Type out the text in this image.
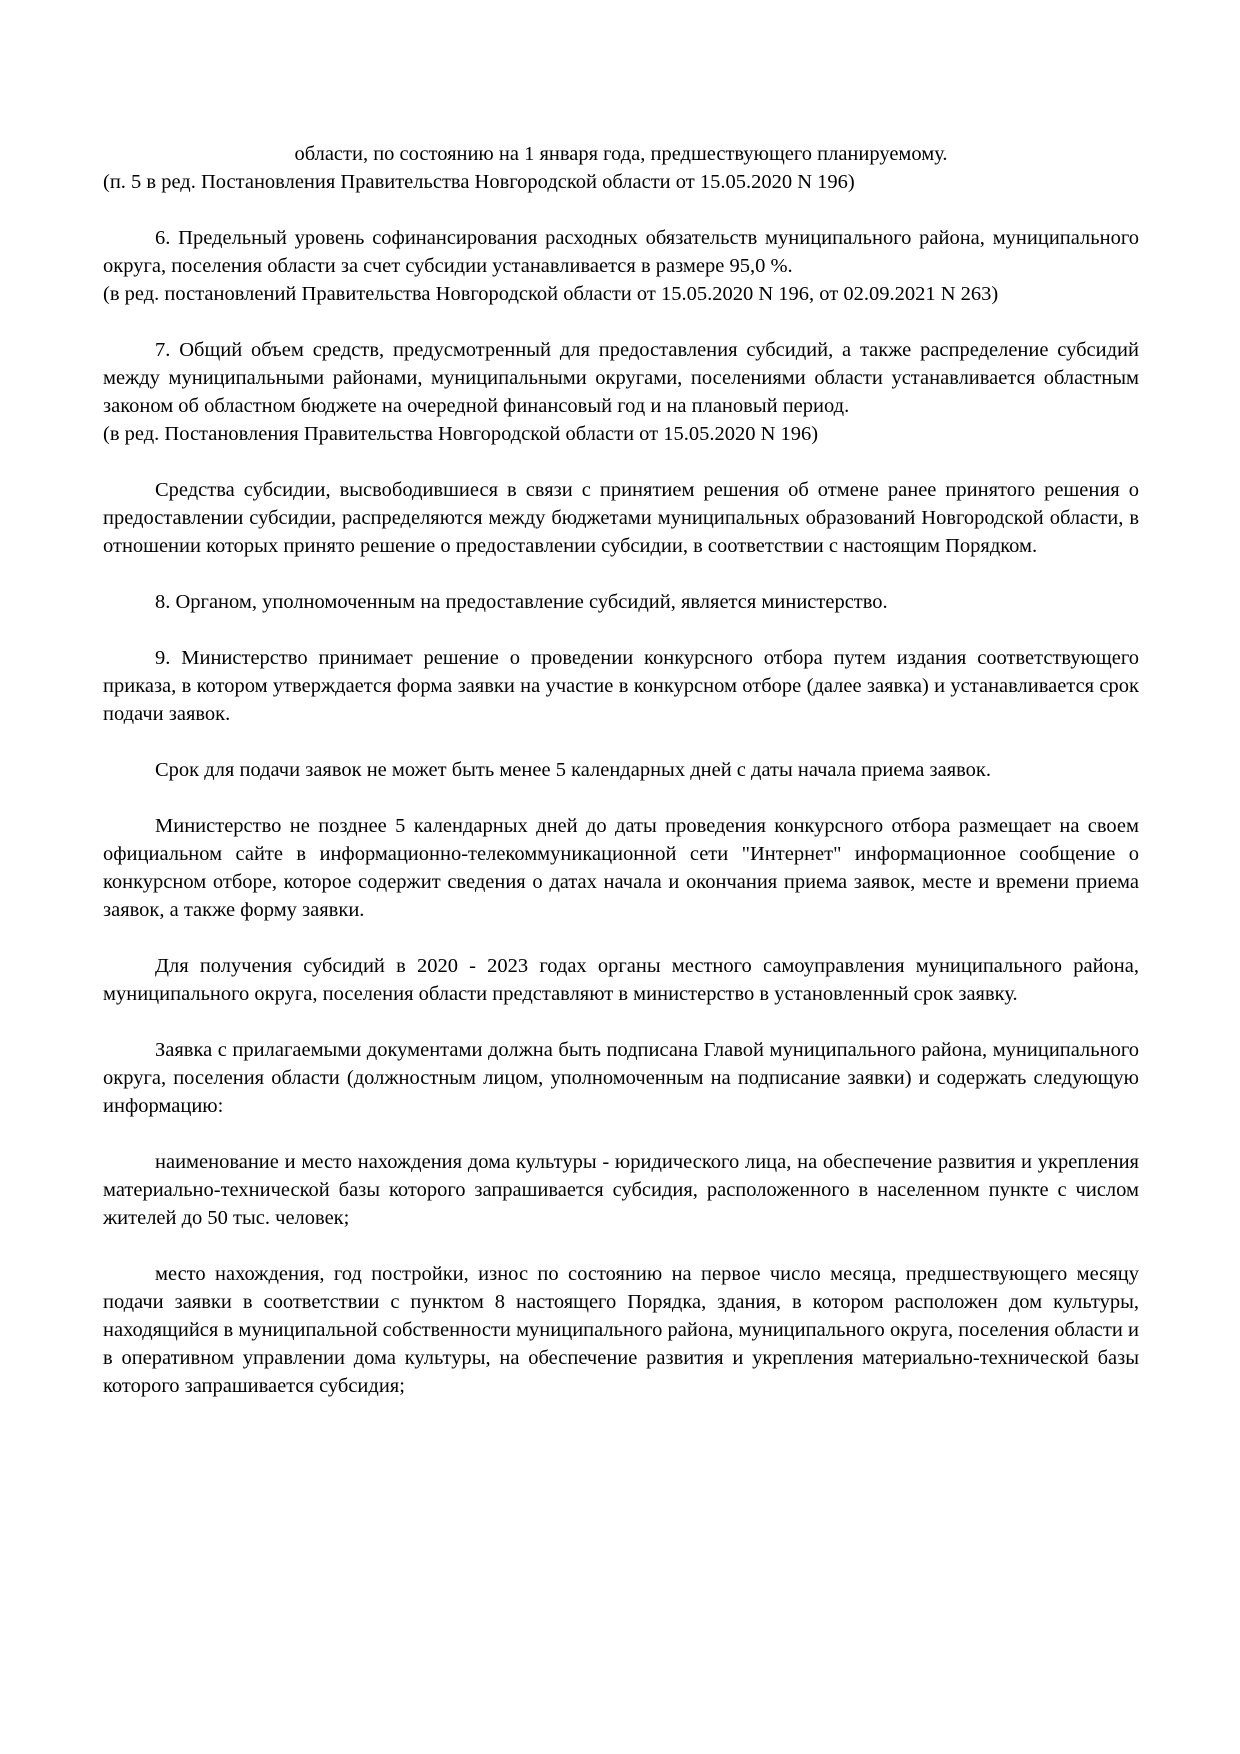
области, по состоянию на 1 января года, предшествующего планируемому.

(п. 5 в ред. Постановления Правительства Новгородской области от 15.05.2020 N 196)

6. Предельный уровень софинансирования расходных обязательств муниципального района, муниципального округа, поселения области за счет субсидии устанавливается в размере 95,0 %.

(в ред. постановлений Правительства Новгородской области от 15.05.2020 N 196, от 02.09.2021 N 263)

7. Общий объем средств, предусмотренный для предоставления субсидий, а также распределение субсидий между муниципальными районами, муниципальными округами, поселениями области устанавливается областным законом об областном бюджете на очередной финансовый год и на плановый период.

(в ред. Постановления Правительства Новгородской области от 15.05.2020 N 196)

Средства субсидии, высвободившиеся в связи с принятием решения об отмене ранее принятого решения о предоставлении субсидии, распределяются между бюджетами муниципальных образований Новгородской области, в отношении которых принято решение о предоставлении субсидии, в соответствии с настоящим Порядком.

8. Органом, уполномоченным на предоставление субсидий, является министерство.

9. Министерство принимает решение о проведении конкурсного отбора путем издания соответствующего приказа, в котором утверждается форма заявки на участие в конкурсном отборе (далее заявка) и устанавливается срок подачи заявок.

Срок для подачи заявок не может быть менее 5 календарных дней с даты начала приема заявок.

Министерство не позднее 5 календарных дней до даты проведения конкурсного отбора размещает на своем официальном сайте в информационно-телекоммуникационной сети "Интернет" информационное сообщение о конкурсном отборе, которое содержит сведения о датах начала и окончания приема заявок, месте и времени приема заявок, а также форму заявки.

Для получения субсидий в 2020 - 2023 годах органы местного самоуправления муниципального района, муниципального округа, поселения области представляют в министерство в установленный срок заявку.

Заявка с прилагаемыми документами должна быть подписана Главой муниципального района, муниципального округа, поселения области (должностным лицом, уполномоченным на подписание заявки) и содержать следующую информацию:

наименование и место нахождения дома культуры - юридического лица, на обеспечение развития и укрепления материально-технической базы которого запрашивается субсидия, расположенного в населенном пункте с числом жителей до 50 тыс. человек;

место нахождения, год постройки, износ по состоянию на первое число месяца, предшествующего месяцу подачи заявки в соответствии с пунктом 8 настоящего Порядка, здания, в котором расположен дом культуры, находящийся в муниципальной собственности муниципального района, муниципального округа, поселения области и в оперативном управлении дома культуры, на обеспечение развития и укрепления материально-технической базы которого запрашивается субсидия;
